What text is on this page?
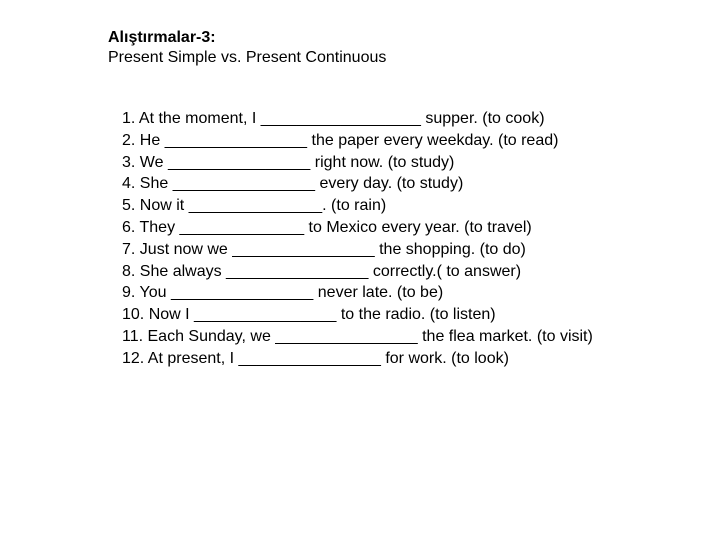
Alıştırmalar-3:
Present Simple vs. Present Continuous
1. At the moment, I __________________ supper. (to cook)
2. He ________________ the paper every weekday. (to read)
3. We ________________ right now. (to study)
4. She ________________ every day. (to study)
5. Now it _______________. (to rain)
6. They ______________ to Mexico every year. (to travel)
7. Just now we ________________ the shopping. (to do)
8. She always ________________ correctly.( to answer)
9. You ________________ never late. (to be)
10. Now I ________________ to the radio. (to listen)
11. Each Sunday, we ________________ the flea market. (to visit)
12. At present, I ________________ for work. (to look)
